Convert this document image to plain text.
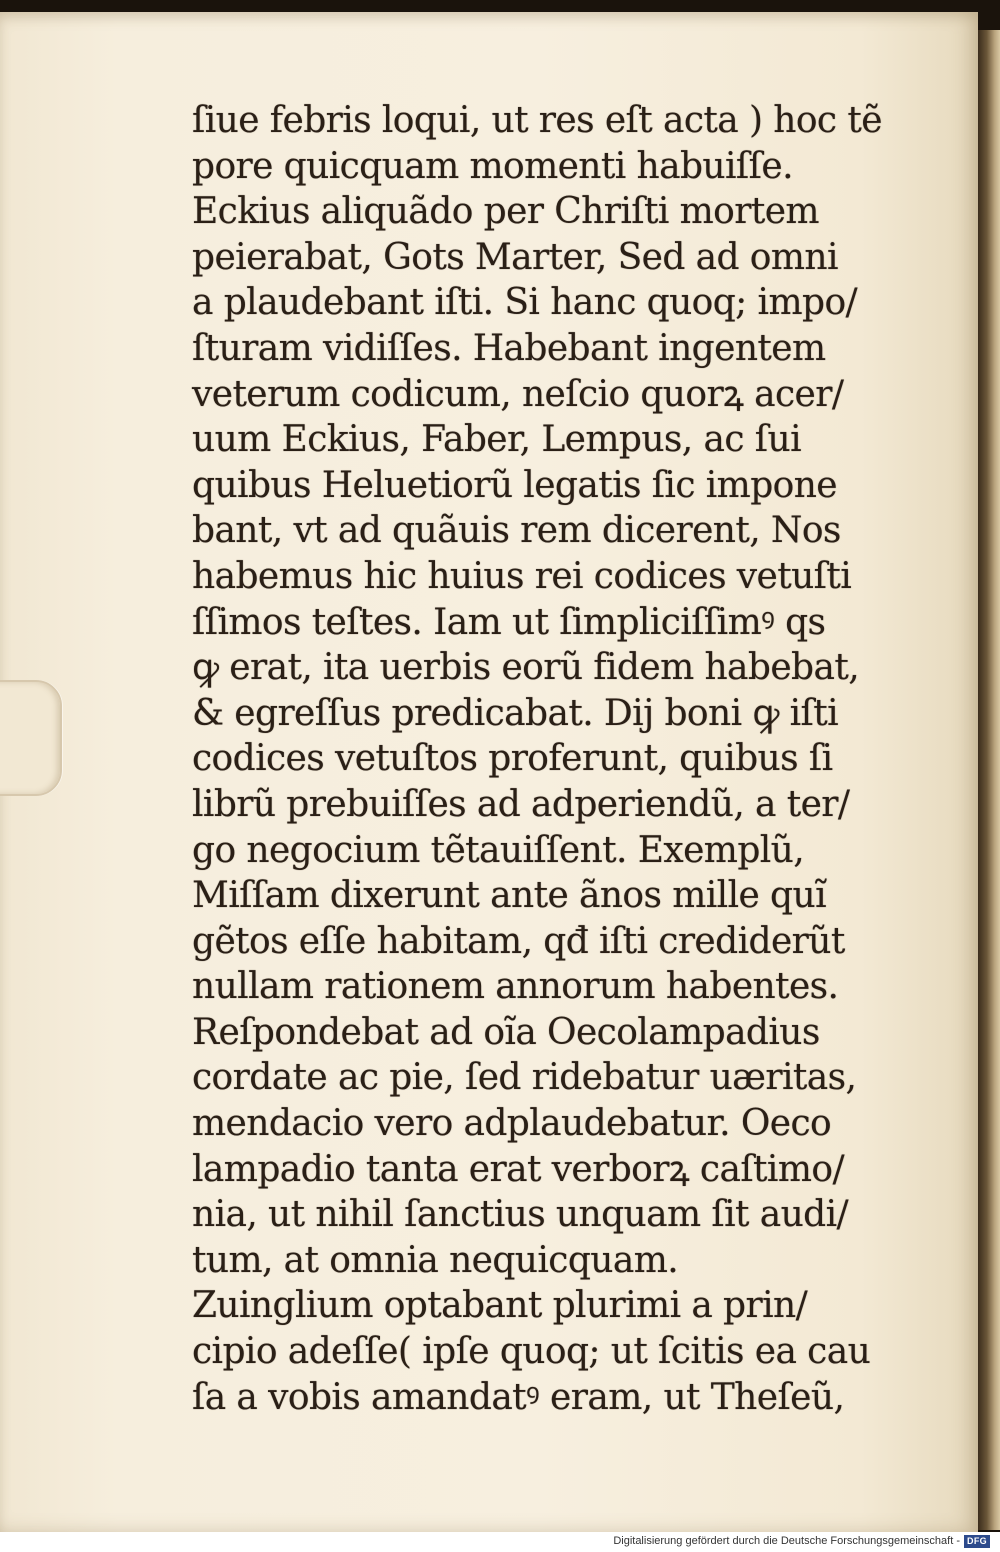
ſiue febris loqui, ut res eſt acta ) hoc tẽ
pore quicquam momenti habuiſſe.
Eckius aliquãdo per Chriſti mortem
peierabat, Gots Marter, Sed ad omni
a plaudebant iſti. Si hanc quoq; impo/
ſturam vidiſſes. Habebant ingentem
veterum codicum, neſcio quorꝝ acer/
uum Eckius, Faber, Lempus, ac ſui
quibus Heluetiorũ legatis ſic impone
bant, vt ad quãuis rem dicerent, Nos
habemus hic huius rei codices vetuſti
ſſimos teſtes. Iam ut ſimpliciſſimꝰ qs
ꝙ erat, ita uerbis eorũ fidem habebat,
& egreſſus predicabat. Dij boni ꝙ iſti
codices vetuſtos proferunt, quibus ſi
librũ prebuiſſes ad adperiendũ, a ter/
go negocium tẽtauiſſent. Exemplũ,
Miſſam dixerunt ante ãnos mille quĩ
gẽtos eſſe habitam, qđ iſti crediderũt
nullam rationem annorum habentes.
Reſpondebat ad oĩa Oecolampadius
cordate ac pie, ſed ridebatur uæritas,
mendacio vero adplaudebatur. Oeco
lampadio tanta erat verborꝝ caſtimo/
nia, ut nihil ſanctius unquam ſit audi/
tum, at omnia nequicquam.
Zuinglium optabant plurimi a prin/
cipio adeſſe( ipſe quoq; ut ſcitis ea cau
ſa a vobis amandatꝰ eram, ut Theſeũ,
Digitalisierung gefördert durch die Deutsche Forschungsgemeinschaft - DFG
